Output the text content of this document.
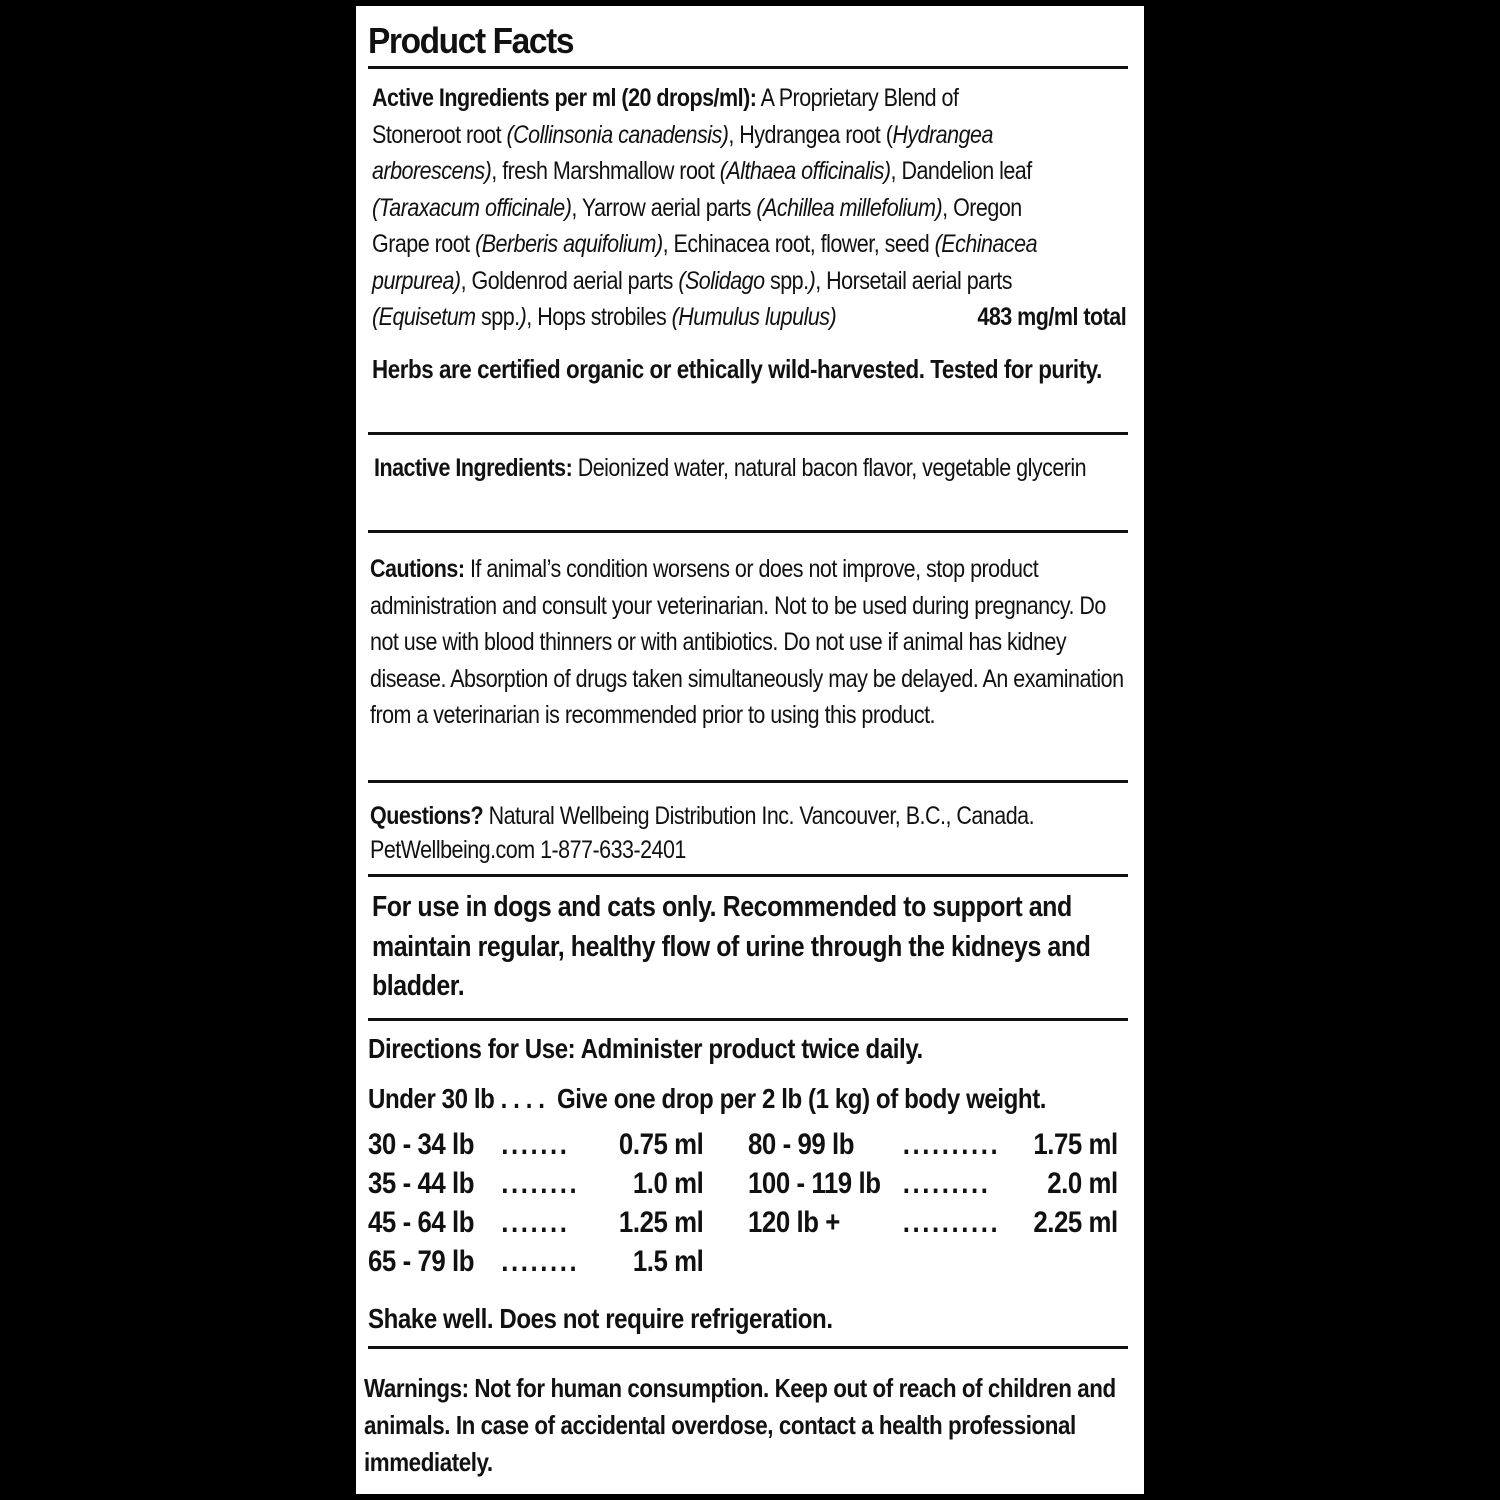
Product Facts
Active Ingredients per ml (20 drops/ml): A Proprietary Blend of
Stoneroot root (Collinsonia canadensis), Hydrangea root (Hydrangea
arborescens), fresh Marshmallow root (Althaea officinalis), Dandelion leaf
(Taraxacum officinale), Yarrow aerial parts (Achillea millefolium), Oregon
Grape root (Berberis aquifolium), Echinacea root, flower, seed (Echinacea
purpurea), Goldenrod aerial parts (Solidago spp.), Horsetail aerial parts
(Equisetum spp.), Hops strobiles (Humulus lupulus)	483 mg/ml total
Herbs are certified organic or ethically wild-harvested. Tested for purity.
Inactive Ingredients: Deionized water, natural bacon flavor, vegetable glycerin
Cautions: If animal’s condition worsens or does not improve, stop product administration and consult your veterinarian. Not to be used during pregnancy. Do not use with blood thinners or with antibiotics. Do not use if animal has kidney disease. Absorption of drugs taken simultaneously may be delayed. An examination from a veterinarian is recommended prior to using this product.
Questions? Natural Wellbeing Distribution Inc. Vancouver, B.C., Canada.
PetWellbeing.com 1-877-633-2401
For use in dogs and cats only. Recommended to support and maintain regular, healthy flow of urine through the kidneys and bladder.
Directions for Use: Administer product twice daily.
Under 30 lb . . . .  Give one drop per 2 lb (1 kg) of body weight.
30 - 34 lb ....... 0.75 ml
35 - 44 lb ........ 1.0 ml
45 - 64 lb ....... 1.25 ml
65 - 79 lb ........ 1.5 ml
80 - 99 lb .......... 1.75 ml
100 - 119 lb ......... 2.0 ml
120 lb + .......... 2.25 ml
Shake well. Does not require refrigeration.
Warnings: Not for human consumption. Keep out of reach of children and animals. In case of accidental overdose, contact a health professional immediately.
